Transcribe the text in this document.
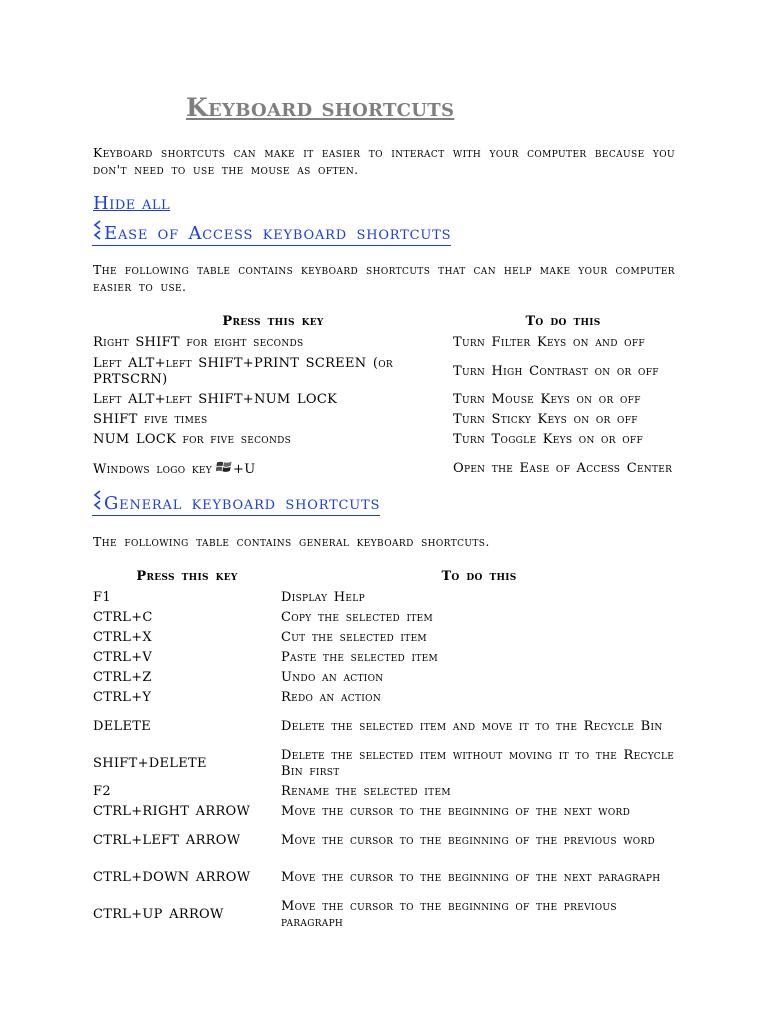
Keyboard shortcuts
Keyboard shortcuts can make it easier to interact with your computer because you don't need to use the mouse as often.
Hide all
Ease of Access keyboard shortcuts
The following table contains keyboard shortcuts that can help make your computer easier to use.
Press this key	To do this
Right SHIFT for eight seconds	Turn Filter Keys on and off
Left ALT+left SHIFT+PRINT SCREEN (or PRTSCRN)	Turn High Contrast on or off
Left ALT+left SHIFT+NUM LOCK	Turn Mouse Keys on or off
SHIFT five times	Turn Sticky Keys on or off
NUM LOCK for five seconds	Turn Toggle Keys on or off
Windows logo key +U	Open the Ease of Access Center
General keyboard shortcuts
The following table contains general keyboard shortcuts.
Press this key	To do this
F1	Display Help
CTRL+C	Copy the selected item
CTRL+X	Cut the selected item
CTRL+V	Paste the selected item
CTRL+Z	Undo an action
CTRL+Y	Redo an action
DELETE	Delete the selected item and move it to the Recycle Bin
SHIFT+DELETE	Delete the selected item without moving it to the Recycle Bin first
F2	Rename the selected item
CTRL+RIGHT ARROW	Move the cursor to the beginning of the next word
CTRL+LEFT ARROW	Move the cursor to the beginning of the previous word
CTRL+DOWN ARROW	Move the cursor to the beginning of the next paragraph
CTRL+UP ARROW	Move the cursor to the beginning of the previous paragraph
